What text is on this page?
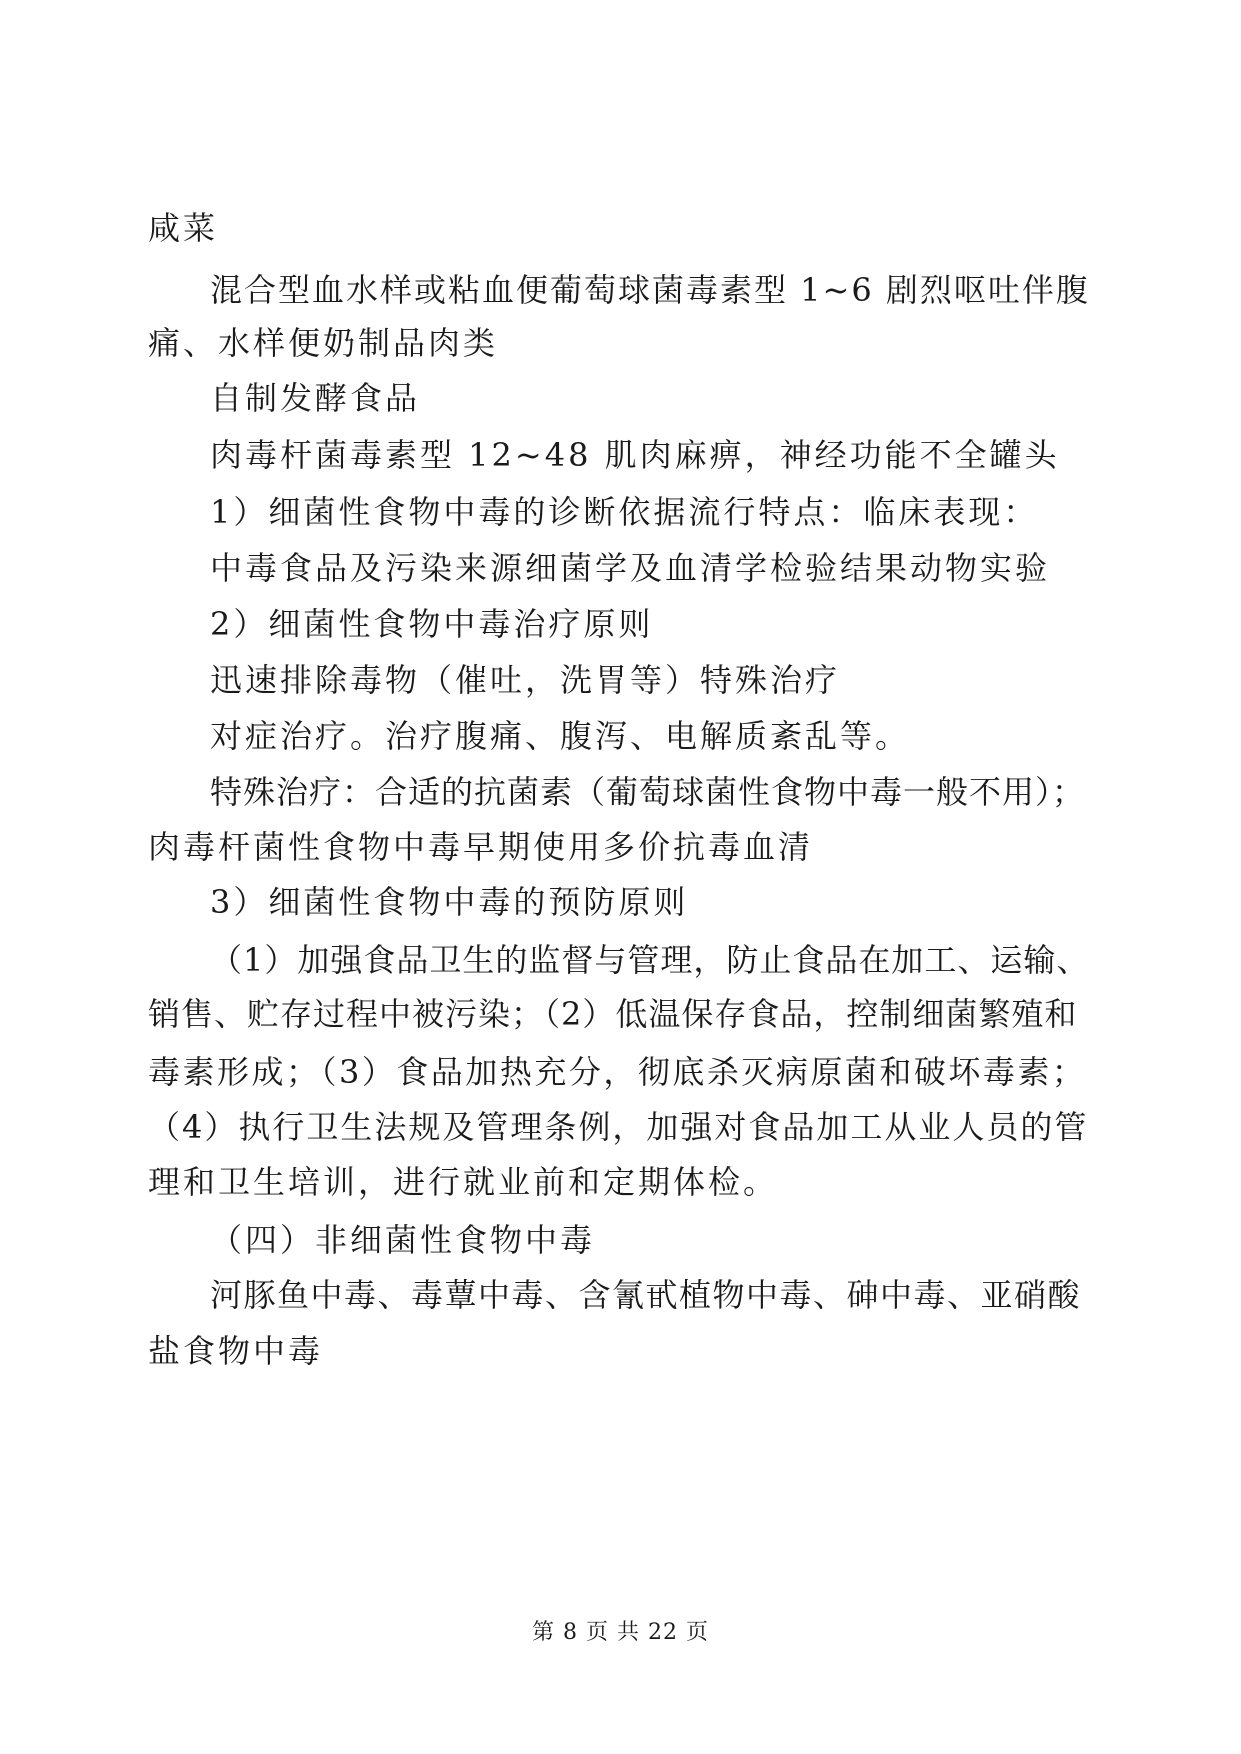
咸菜
混合型血水样或粘血便葡萄球菌毒素型 1~6 剧烈呕吐伴腹
痛、水样便奶制品肉类
自制发酵食品
肉毒杆菌毒素型 12~48 肌肉麻痹，神经功能不全罐头
1）细菌性食物中毒的诊断依据流行特点：临床表现：
中毒食品及污染来源细菌学及血清学检验结果动物实验
2）细菌性食物中毒治疗原则
迅速排除毒物（催吐，洗胃等）特殊治疗
对症治疗。治疗腹痛、腹泻、电解质紊乱等。
特殊治疗：合适的抗菌素（葡萄球菌性食物中毒一般不用）；
肉毒杆菌性食物中毒早期使用多价抗毒血清
3）细菌性食物中毒的预防原则
（1）加强食品卫生的监督与管理，防止食品在加工、运输、
销售、贮存过程中被污染；（2）低温保存食品，控制细菌繁殖和
毒素形成；（3）食品加热充分，彻底杀灭病原菌和破坏毒素；
（4）执行卫生法规及管理条例，加强对食品加工从业人员的管
理和卫生培训，进行就业前和定期体检。
（四）非细菌性食物中毒
河豚鱼中毒、毒蕈中毒、含氰甙植物中毒、砷中毒、亚硝酸
盐食物中毒
第 8 页 共 22 页
